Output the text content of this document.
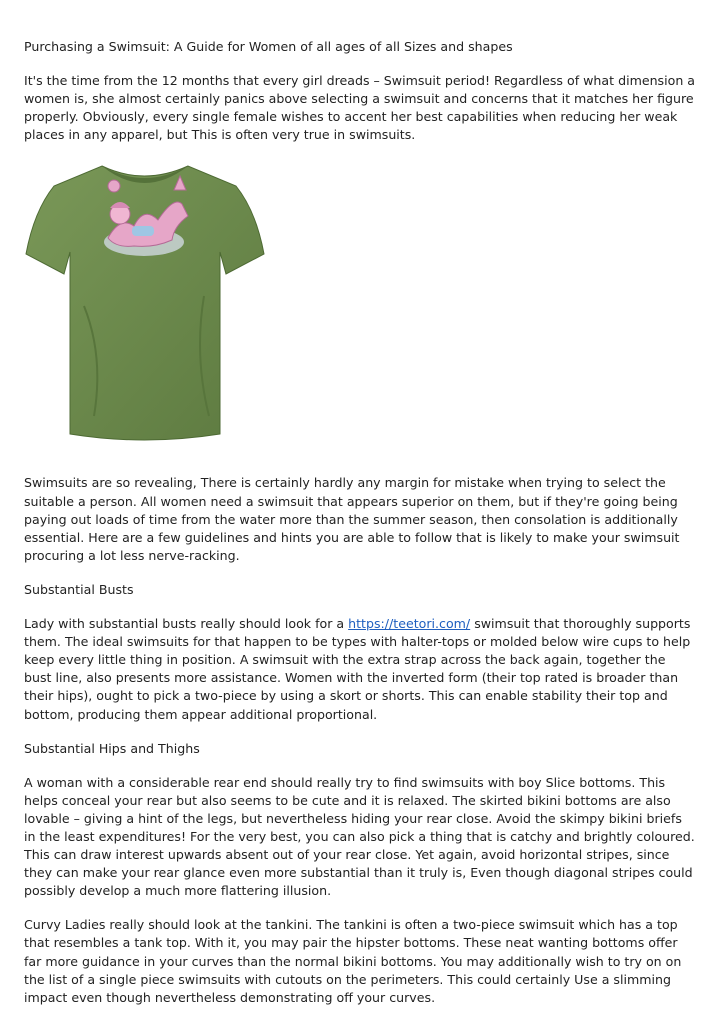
Purchasing a Swimsuit: A Guide for Women of all ages of all Sizes and shapes

It's the time from the 12 months that every girl dreads – Swimsuit period! Regardless of what dimension a women is, she almost certainly panics above selecting a swimsuit and concerns that it matches her figure properly. Obviously, every single female wishes to accent her best capabilities when reducing her weak places in any apparel, but This is often very true in swimsuits.

Swimsuits are so revealing, There is certainly hardly any margin for mistake when trying to select the suitable a person. All women need a swimsuit that appears superior on them, but if they're going being paying out loads of time from the water more than the summer season, then consolation is additionally essential. Here are a few guidelines and hints you are able to follow that is likely to make your swimsuit procuring a lot less nerve-racking.

Substantial Busts

Lady with substantial busts really should look for a https://teetori.com/ swimsuit that thoroughly supports them. The ideal swimsuits for that happen to be types with halter-tops or molded below wire cups to help keep every little thing in position. A swimsuit with the extra strap across the back again, together the bust line, also presents more assistance. Women with the inverted form (their top rated is broader than their hips), ought to pick a two-piece by using a skort or shorts. This can enable stability their top and bottom, producing them appear additional proportional.

Substantial Hips and Thighs

A woman with a considerable rear end should really try to find swimsuits with boy Slice bottoms. This helps conceal your rear but also seems to be cute and it is relaxed. The skirted bikini bottoms are also lovable – giving a hint of the legs, but nevertheless hiding your rear close. Avoid the skimpy bikini briefs in the least expenditures! For the very best, you can also pick a thing that is catchy and brightly coloured. This can draw interest upwards absent out of your rear close. Yet again, avoid horizontal stripes, since they can make your rear glance even more substantial than it truly is, Even though diagonal stripes could possibly develop a much more flattering illusion.

Curvy Ladies really should look at the tankini. The tankini is often a two-piece swimsuit which has a top that resembles a tank top. With it, you may pair the hipster bottoms. These neat wanting bottoms offer far more guidance in your curves than the normal bikini bottoms. You may additionally wish to try on on the list of a single piece swimsuits with cutouts on the perimeters. This could certainly Use a slimming impact even though nevertheless demonstrating off your curves.
